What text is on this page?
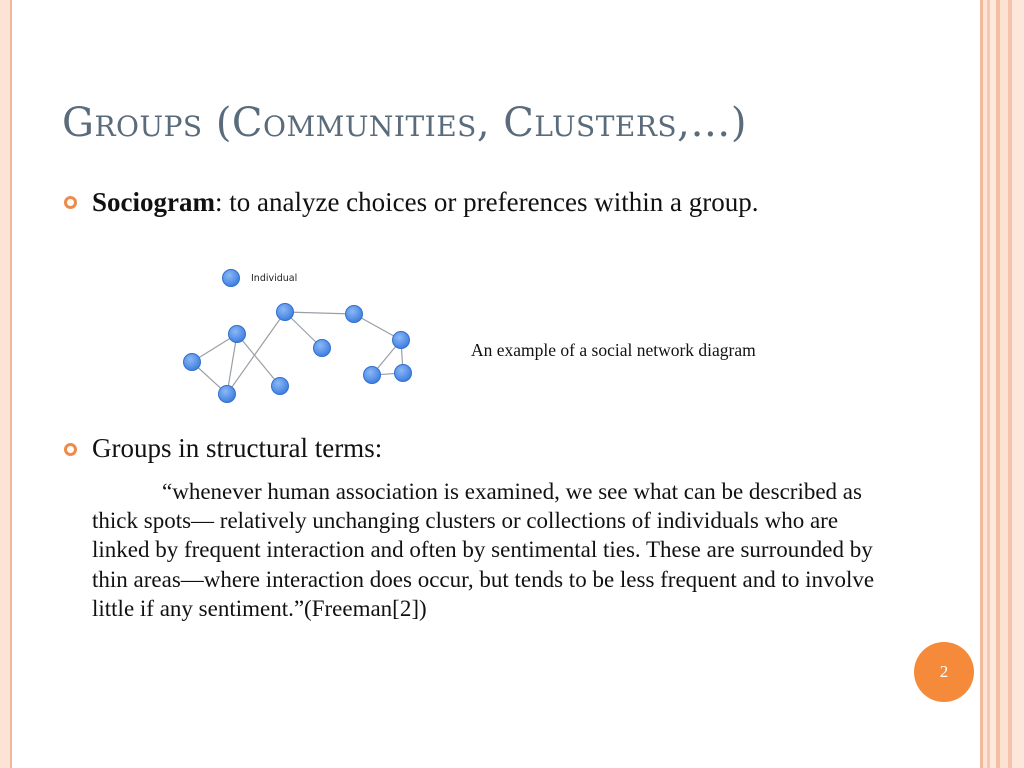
Groups (Communities, Clusters,…)
Sociogram: to analyze choices or preferences within a group.
Individual
An example of a social network diagram
Groups in structural terms:
“whenever human association is examined, we see what can be described as thick spots— relatively unchanging clusters or collections of individuals who are linked by frequent interaction and often by sentimental ties. These are surrounded by thin areas—where interaction does occur, but tends to be less frequent and to involve little if any sentiment.”(Freeman[2])
2
